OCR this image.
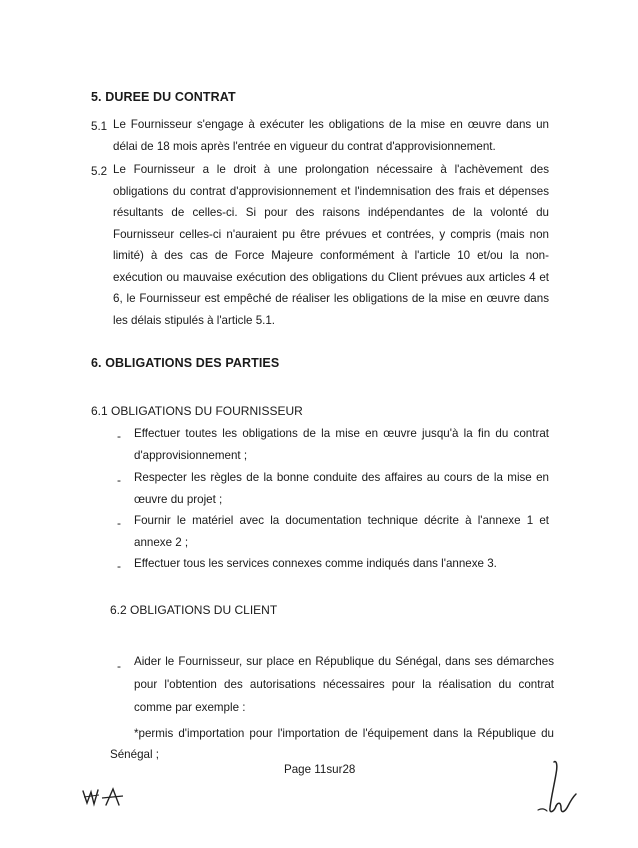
5. DUREE DU CONTRAT
5.1 Le Fournisseur s'engage à exécuter les obligations de la mise en œuvre dans un délai de 18 mois après l'entrée en vigueur du contrat d'approvisionnement.
5.2 Le Fournisseur a le droit à une prolongation nécessaire à l'achèvement des obligations du contrat d'approvisionnement et l'indemnisation des frais et dépenses résultants de celles-ci. Si pour des raisons indépendantes de la volonté du Fournisseur celles-ci n'auraient pu être prévues et contrées, y compris (mais non limité) à des cas de Force Majeure conformément à l'article 10 et/ou la non-exécution ou mauvaise exécution des obligations du Client prévues aux articles 4 et 6, le Fournisseur est empêché de réaliser les obligations de la mise en œuvre dans les délais stipulés à l'article 5.1.
6. OBLIGATIONS DES PARTIES
6.1 OBLIGATIONS DU FOURNISSEUR
- Effectuer toutes les obligations de la mise en œuvre jusqu'à la fin du contrat d'approvisionnement ;
- Respecter les règles de la bonne conduite des affaires au cours de la mise en œuvre du projet ;
- Fournir le matériel avec la documentation technique décrite à l'annexe 1 et annexe 2 ;
- Effectuer tous les services connexes comme indiqués dans l'annexe 3.
6.2 OBLIGATIONS DU CLIENT
- Aider le Fournisseur, sur place en République du Sénégal, dans ses démarches pour l'obtention des autorisations nécessaires pour la réalisation du contrat comme par exemple :
*permis d'importation pour l'importation de l'équipement dans la République du Sénégal ;
Page 11sur28
